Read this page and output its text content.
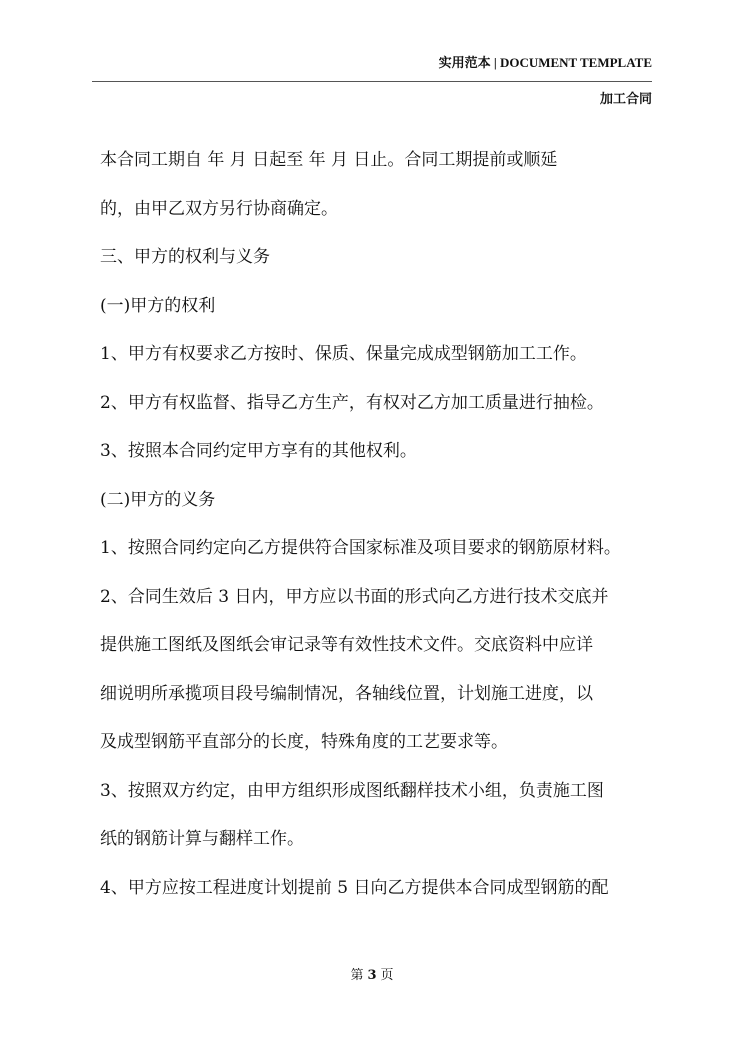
实用范本 | DOCUMENT TEMPLATE
加工合同

本合同工期自 年 月 日起至 年 月 日止。合同工期提前或顺延

的，由甲乙双方另行协商确定。

三、甲方的权利与义务

(一)甲方的权利

1、甲方有权要求乙方按时、保质、保量完成成型钢筋加工工作。

2、甲方有权监督、指导乙方生产，有权对乙方加工质量进行抽检。

3、按照本合同约定甲方享有的其他权利。

(二)甲方的义务

1、按照合同约定向乙方提供符合国家标准及项目要求的钢筋原材料。

2、合同生效后 3 日内，甲方应以书面的形式向乙方进行技术交底并

提供施工图纸及图纸会审记录等有效性技术文件。交底资料中应详

细说明所承揽项目段号编制情况，各轴线位置，计划施工进度，以

及成型钢筋平直部分的长度，特殊角度的工艺要求等。

3、按照双方约定，由甲方组织形成图纸翻样技术小组，负责施工图

纸的钢筋计算与翻样工作。

4、甲方应按工程进度计划提前 5 日向乙方提供本合同成型钢筋的配

第 3 页
